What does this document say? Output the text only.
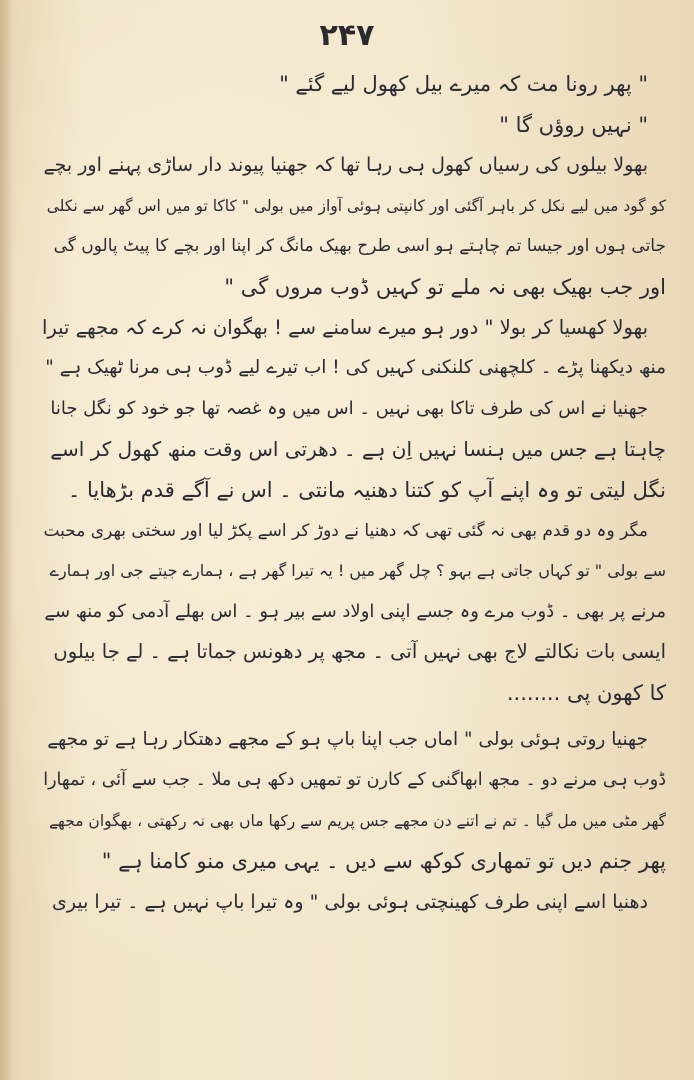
۲۴۷
" پھر رونا مت کہ میرے بیل کھول لیے گئے "
" نہیں روؤں گا "
بھولا بیلوں کی رسیاں کھول ہی رہا تھا کہ جھنیا پیوند دار ساڑی پہنے اور بچے
کو گود میں لیے نکل کر باہر آگئی اور کانپتی ہوئی آواز میں بولی " کاکا تو میں اس گھر سے نکلی
جاتی ہوں اور جیسا تم چاہتے ہو اسی طرح بھیک مانگ کر اپنا اور بچے کا پیٹ پالوں گی
اور جب بھیک بھی نہ ملے تو کہیں ڈوب مروں گی "
بھولا کھسیا کر بولا " دور ہو میرے سامنے سے ! بھگوان نہ کرے کہ مجھے تیرا
منھ دیکھنا پڑے ۔ کلچھنی کلنکنی کہیں کی ! اب تیرے لیے ڈوب ہی مرنا ٹھیک ہے "
جھنیا نے اس کی طرف تاکا بھی نہیں ۔ اس میں وہ غصہ تھا جو خود کو نگل جانا
چاہتا ہے جس میں ہنسا نہیں اِن ہے ۔ دھرتی اس وقت منھ کھول کر اسے
نگل لیتی تو وہ اپنے آپ کو کتنا دھنیہ مانتی ۔ اس نے آگے قدم بڑھایا ۔
مگر وہ دو قدم بھی نہ گئی تھی کہ دھنیا نے دوڑ کر اسے پکڑ لیا اور سختی بھری محبت
سے بولی " تو کہاں جاتی ہے بہو ؟ چل گھر میں ! یہ تیرا گھر ہے ، ہمارے جیتے جی اور ہمارے
مرنے پر بھی ۔ ڈوب مرے وہ جسے اپنی اولاد سے بیر ہو ۔ اس بھلے آدمی کو منھ سے
ایسی بات نکالتے لاج بھی نہیں آتی ۔ مجھ پر دھونس جماتا ہے ۔ لے جا بیلوں
کا کھون پی ........
جھنیا روتی ہوئی بولی " اماں جب اپنا باپ ہو کے مجھے دھتکار رہا ہے تو مجھے
ڈوب ہی مرنے دو ۔ مجھ ابھاگنی کے کارن تو تمھیں دکھ ہی ملا ۔ جب سے آئی ، تمھارا
گھر مٹی میں مل گیا ۔ تم نے اتنے دن مجھے جس پریم سے رکھا ماں بھی نہ رکھتی ، بھگوان مجھے
پھر جنم دیں تو تمھاری کوکھ سے دیں ۔ یہی میری منو کامنا ہے "
دھنیا اسے اپنی طرف کھینچتی ہوئی بولی " وہ تیرا باپ نہیں ہے ۔ تیرا بیری
